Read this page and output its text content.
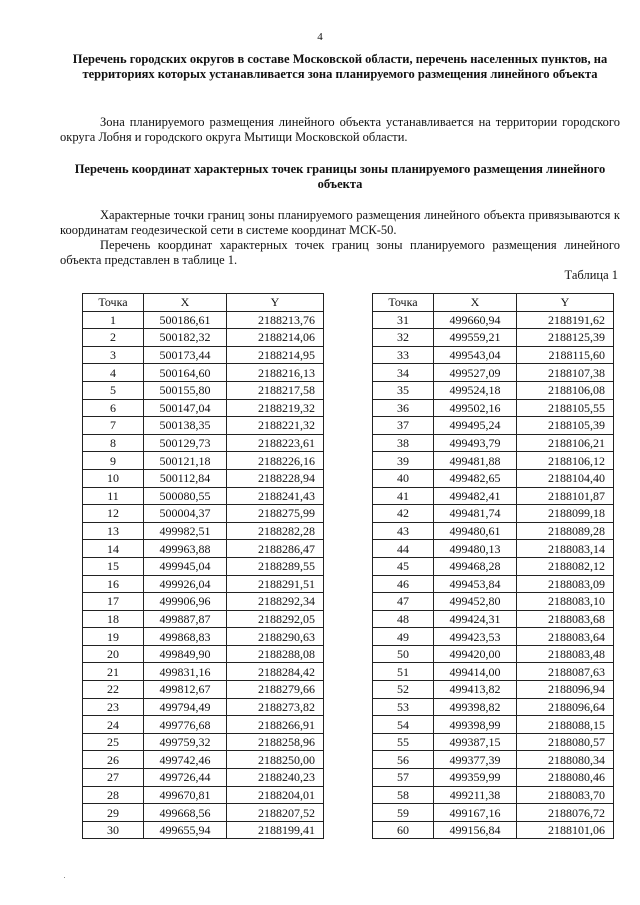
4
Перечень городских округов в составе Московской области, перечень населенных пунктов, на территориях которых устанавливается зона планируемого размещения линейного объекта
Зона планируемого размещения линейного объекта устанавливается на территории городского округа Лобня и городского округа Мытищи Московской области.
Перечень координат характерных точек границы зоны планируемого размещения линейного объекта
Характерные точки границ зоны планируемого размещения линейного объекта привязываются к координатам геодезической сети в системе координат МСК-50.
Перечень координат характерных точек границ зоны планируемого размещения линейного объекта представлен в таблице 1.
Таблица 1
Точка	X	Y
1	500186,61	2188213,76
2	500182,32	2188214,06
3	500173,44	2188214,95
4	500164,60	2188216,13
5	500155,80	2188217,58
6	500147,04	2188219,32
7	500138,35	2188221,32
8	500129,73	2188223,61
9	500121,18	2188226,16
10	500112,84	2188228,94
11	500080,55	2188241,43
12	500004,37	2188275,99
13	499982,51	2188282,28
14	499963,88	2188286,47
15	499945,04	2188289,55
16	499926,04	2188291,51
17	499906,96	2188292,34
18	499887,87	2188292,05
19	499868,83	2188290,63
20	499849,90	2188288,08
21	499831,16	2188284,42
22	499812,67	2188279,66
23	499794,49	2188273,82
24	499776,68	2188266,91
25	499759,32	2188258,96
26	499742,46	2188250,00
27	499726,44	2188240,23
28	499670,81	2188204,01
29	499668,56	2188207,52
30	499655,94	2188199,41
Точка	X	Y
31	499660,94	2188191,62
32	499559,21	2188125,39
33	499543,04	2188115,60
34	499527,09	2188107,38
35	499524,18	2188106,08
36	499502,16	2188105,55
37	499495,24	2188105,39
38	499493,79	2188106,21
39	499481,88	2188106,12
40	499482,65	2188104,40
41	499482,41	2188101,87
42	499481,74	2188099,18
43	499480,61	2188089,28
44	499480,13	2188083,14
45	499468,28	2188082,12
46	499453,84	2188083,09
47	499452,80	2188083,10
48	499424,31	2188083,68
49	499423,53	2188083,64
50	499420,00	2188083,48
51	499414,00	2188087,63
52	499413,82	2188096,94
53	499398,82	2188096,64
54	499398,99	2188088,15
55	499387,15	2188080,57
56	499377,39	2188080,34
57	499359,99	2188080,46
58	499211,38	2188083,70
59	499167,16	2188076,72
60	499156,84	2188101,06
